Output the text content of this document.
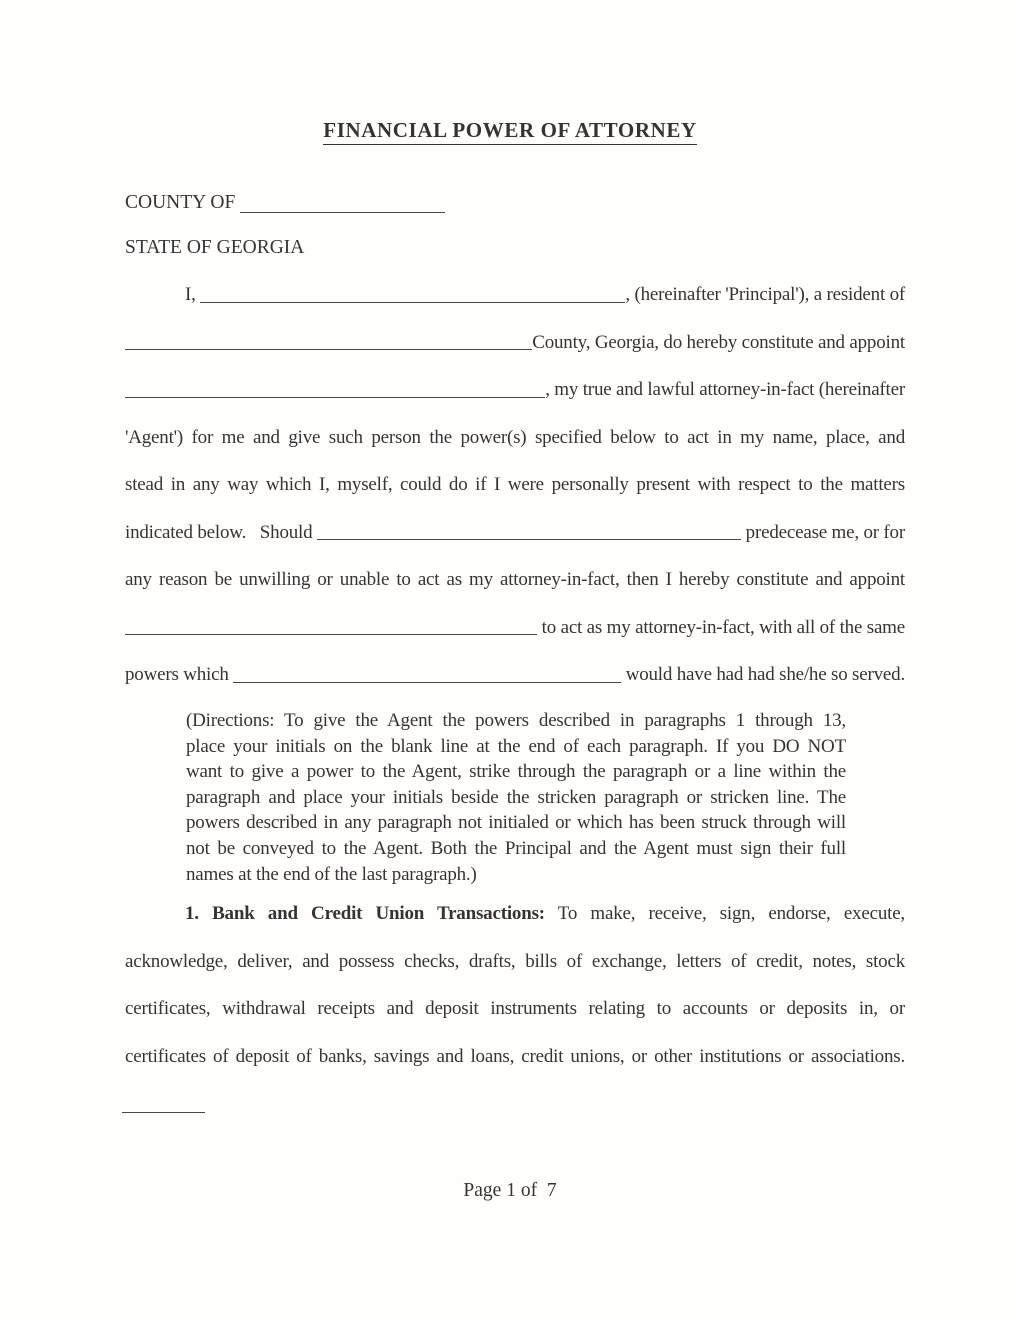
FINANCIAL POWER OF ATTORNEY
COUNTY OF
STATE OF GEORGIA
I,	, (hereinafter 'Principal'), a resident of
County, Georgia, do hereby constitute and appoint
, my true and lawful attorney-in-fact (hereinafter
'Agent') for me and give such person the power(s) specified below to act in my name, place, and
stead in any way which I, myself, could do if I were personally present with respect to the matters
indicated below.   Should	predecease me, or for
any reason be unwilling or unable to act as my attorney-in-fact, then I hereby constitute and appoint
to act as my attorney-in-fact, with all of the same
powers which	would have had had she/he so served.
(Directions: To give the Agent the powers described in paragraphs 1 through 13,
place your initials on the blank line at the end of each paragraph. If you DO NOT
want to give a power to the Agent, strike through the paragraph or a line within the
paragraph and place your initials beside the stricken paragraph or stricken line. The
powers described in any paragraph not initialed or which has been struck through will
not be conveyed to the Agent. Both the Principal and the Agent must sign their full
names at the end of the last paragraph.)
1. Bank and Credit Union Transactions: To make, receive, sign, endorse, execute,
acknowledge, deliver, and possess checks, drafts, bills of exchange, letters of credit, notes, stock
certificates, withdrawal receipts and deposit instruments relating to accounts or deposits in, or
certificates of deposit of banks, savings and loans, credit unions, or other institutions or associations.
Page 1 of  7
